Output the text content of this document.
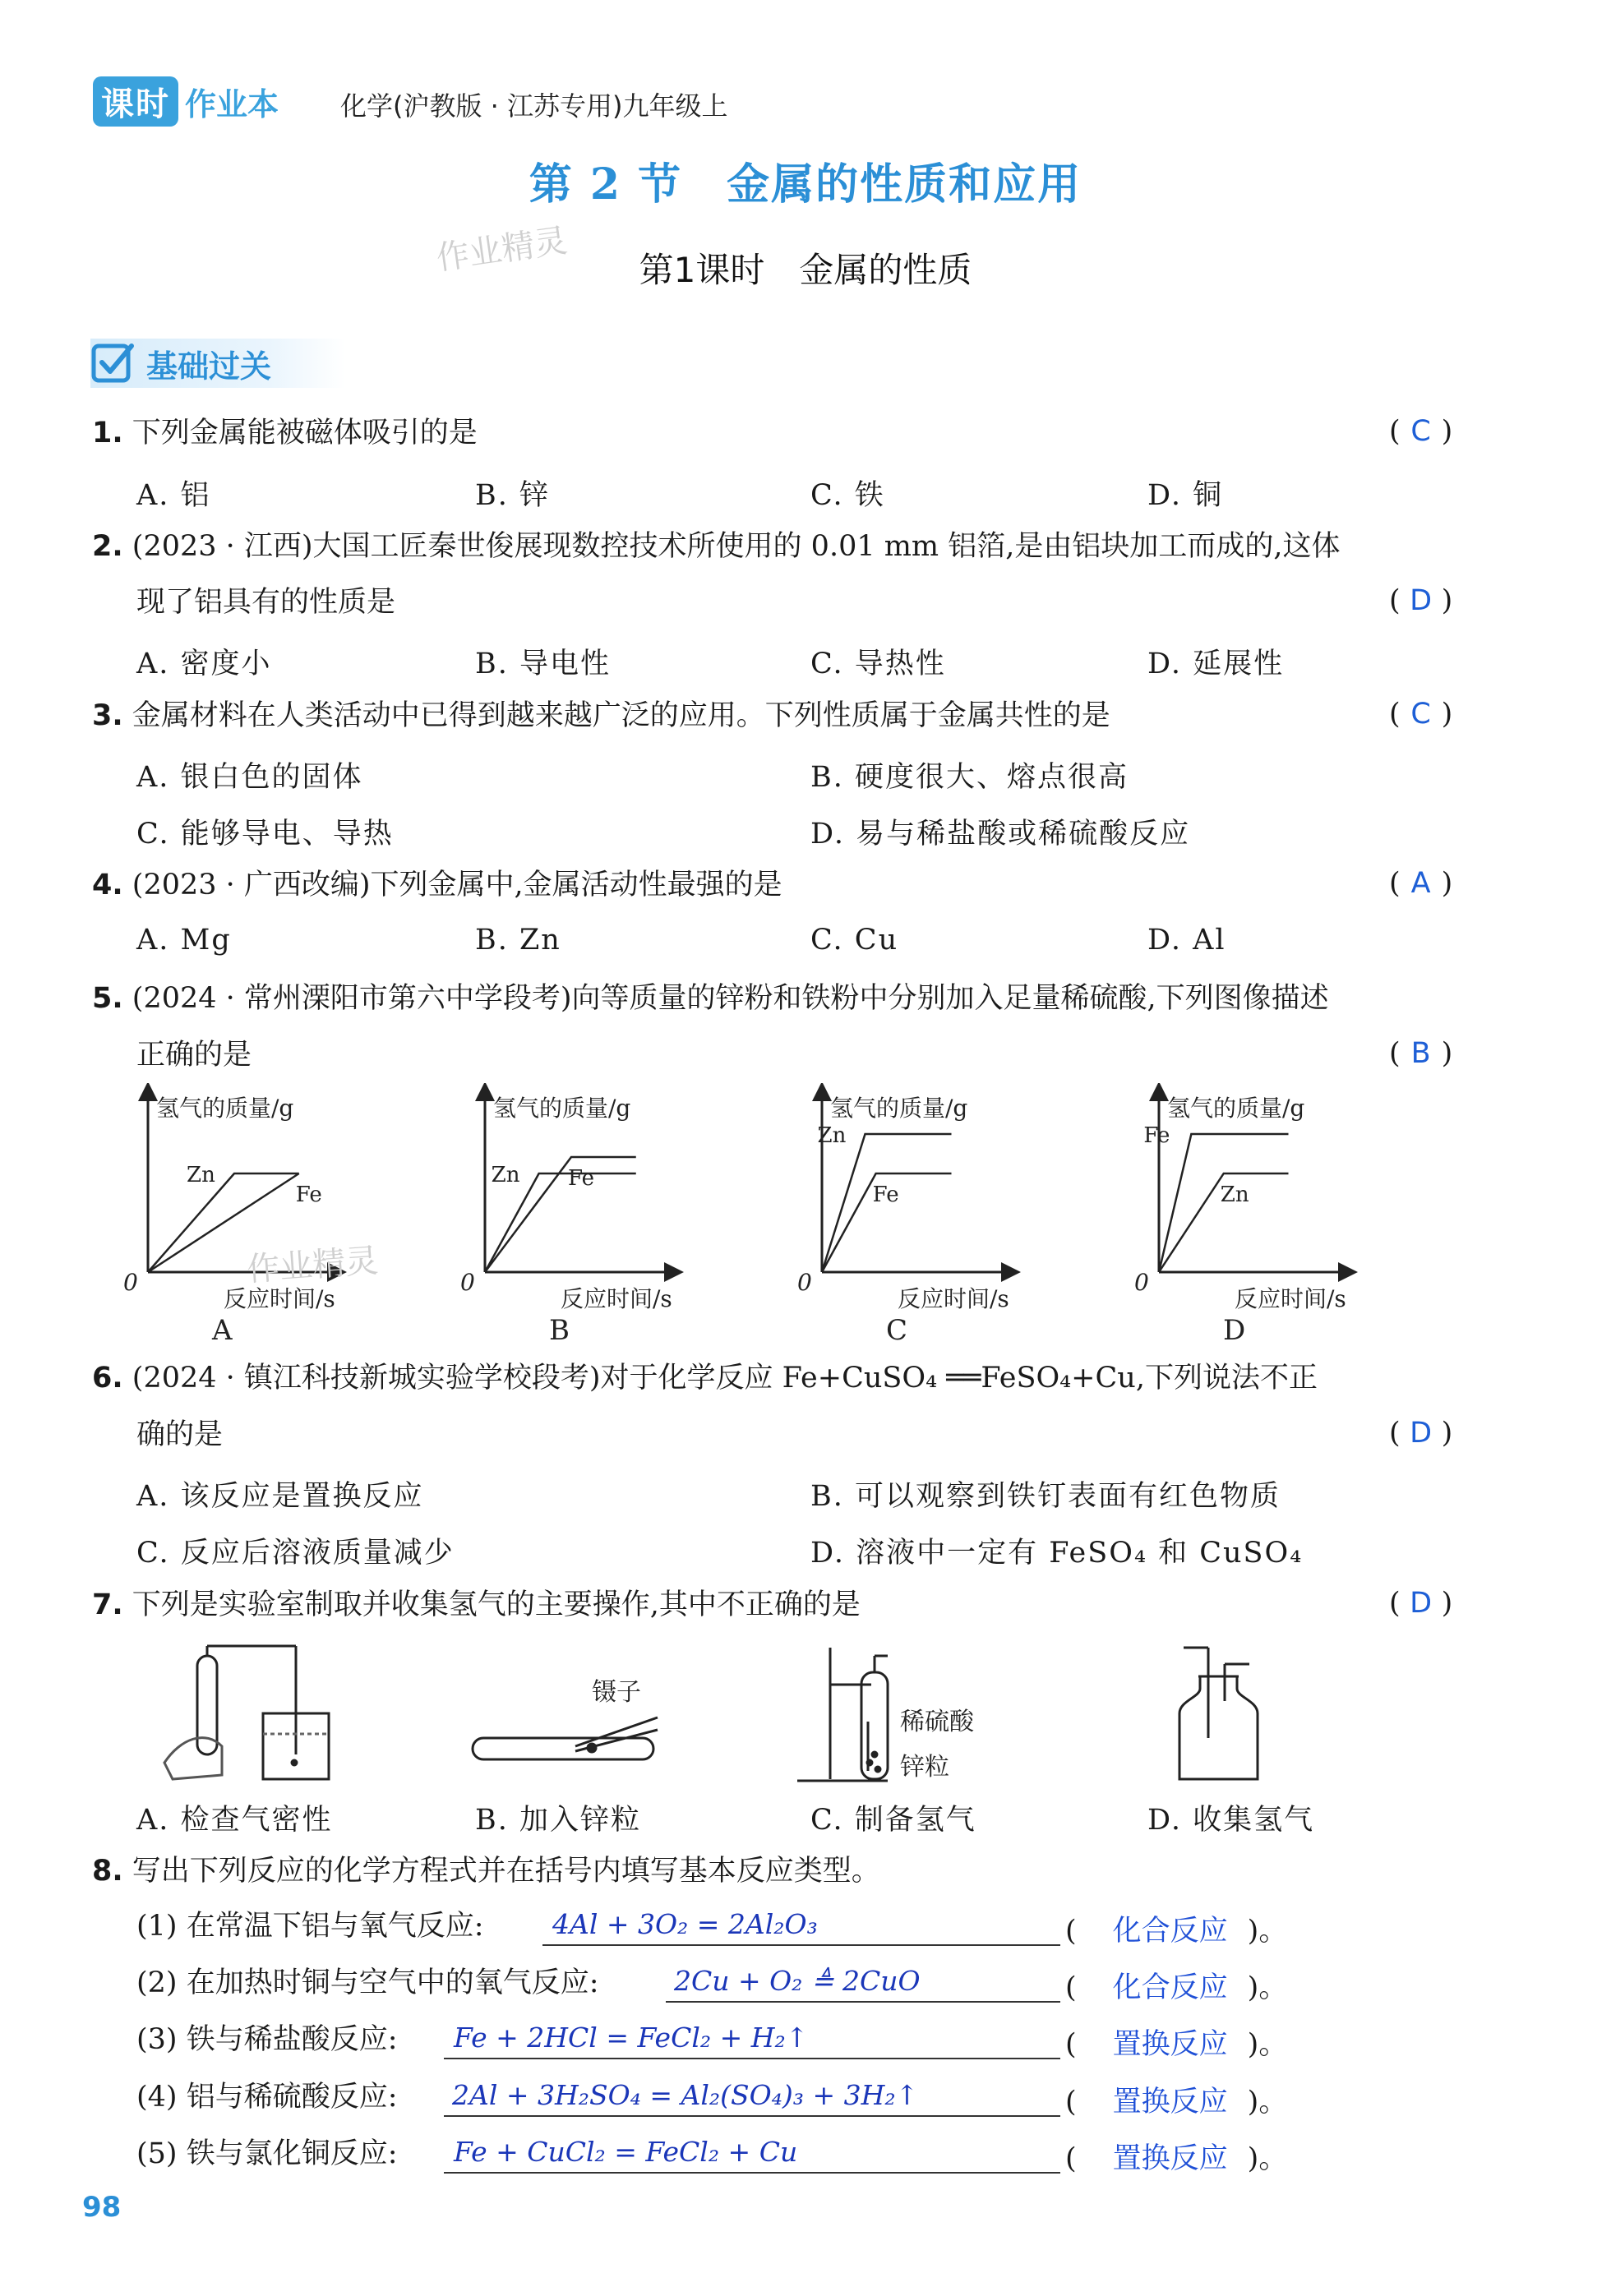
课时 作业本 化学(沪教版 · 江苏专用)九年级上
第 2 节　金属的性质和应用
作业精灵	第1课时　金属的性质
基础过关
1. 下列金属能被磁体吸引的是	( C )
A. 铝	B. 锌	C. 铁	D. 铜
2. (2023 · 江西)大国工匠秦世俊展现数控技术所使用的 0.01 mm 铝箔,是由铝块加工而成的,这体
现了铝具有的性质是	( D )
A. 密度小	B. 导电性	C. 导热性	D. 延展性
3. 金属材料在人类活动中已得到越来越广泛的应用。下列性质属于金属共性的是	( C )
A. 银白色的固体	B. 硬度很大、熔点很高
C. 能够导电、导热	D. 易与稀盐酸或稀硫酸反应
4. (2023 · 广西改编)下列金属中,金属活动性最强的是	( A )
A. Mg	B. Zn	C. Cu	D. Al
5. (2024 · 常州溧阳市第六中学段考)向等质量的锌粉和铁粉中分别加入足量稀硫酸,下列图像描述
正确的是	( B )
氢气的质量/g
反应时间/s
0
Zn
Fe
A
氢气的质量/g
反应时间/s
0
Zn Fe
B
氢气的质量/g
反应时间/s
0
Zn
Fe
C
氢气的质量/g
反应时间/s
0
Fe
Zn
D
作业精灵
6. (2024 · 镇江科技新城实验学校段考)对于化学反应 Fe+CuSO₄ ══FeSO₄+Cu,下列说法不正
确的是	( D )
A. 该反应是置换反应	B. 可以观察到铁钉表面有红色物质
C. 反应后溶液质量减少	D. 溶液中一定有 FeSO₄ 和 CuSO₄
7. 下列是实验室制取并收集氢气的主要操作,其中不正确的是	( D )
镊子
稀硫酸
锌粒
A. 检查气密性	B. 加入锌粒	C. 制备氢气	D. 收集氢气
8. 写出下列反应的化学方程式并在括号内填写基本反应类型。
(1) 在常温下铝与氧气反应:	4Al + 3O₂ = 2Al₂O₃	( 化合反应 )。
(2) 在加热时铜与空气中的氧气反应:	2Cu + O₂ ≜ 2CuO	( 化合反应 )。
(3) 铁与稀盐酸反应:	Fe + 2HCl = FeCl₂ + H₂↑	( 置换反应 )。
(4) 铝与稀硫酸反应:	2Al + 3H₂SO₄ = Al₂(SO₄)₃ + 3H₂↑	( 置换反应 )。
(5) 铁与氯化铜反应:	Fe + CuCl₂ = FeCl₂ + Cu	( 置换反应 )。
98
